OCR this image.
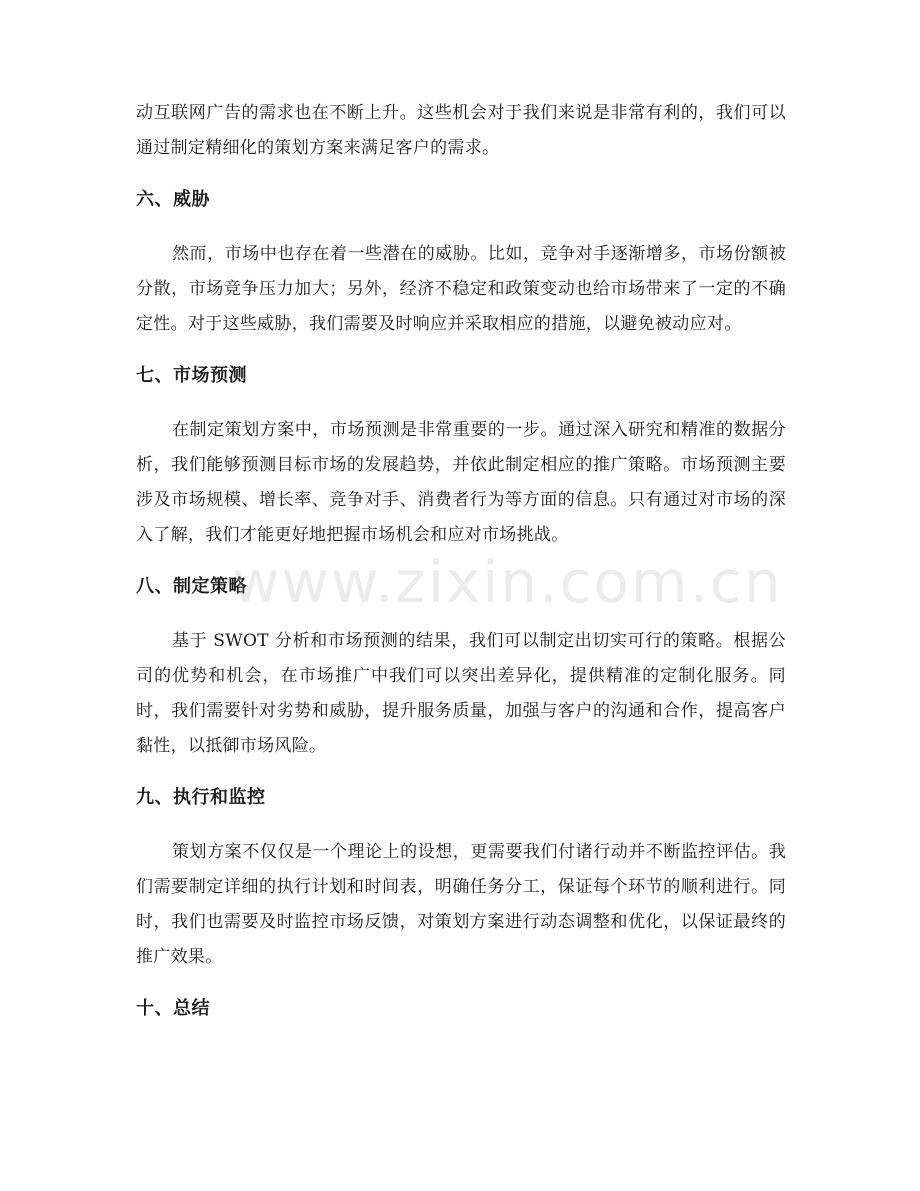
动互联网广告的需求也在不断上升。这些机会对于我们来说是非常有利的，我们可以通过制定精细化的策划方案来满足客户的需求。

六、威胁

然而，市场中也存在着一些潜在的威胁。比如，竞争对手逐渐增多，市场份额被分散，市场竞争压力加大；另外，经济不稳定和政策变动也给市场带来了一定的不确定性。对于这些威胁，我们需要及时响应并采取相应的措施，以避免被动应对。

七、市场预测

在制定策划方案中，市场预测是非常重要的一步。通过深入研究和精准的数据分析，我们能够预测目标市场的发展趋势，并依此制定相应的推广策略。市场预测主要涉及市场规模、增长率、竞争对手、消费者行为等方面的信息。只有通过对市场的深入了解，我们才能更好地把握市场机会和应对市场挑战。

八、制定策略

基于 SWOT 分析和市场预测的结果，我们可以制定出切实可行的策略。根据公司的优势和机会，在市场推广中我们可以突出差异化，提供精准的定制化服务。同时，我们需要针对劣势和威胁，提升服务质量，加强与客户的沟通和合作，提高客户黏性，以抵御市场风险。

九、执行和监控

策划方案不仅仅是一个理论上的设想，更需要我们付诸行动并不断监控评估。我们需要制定详细的执行计划和时间表，明确任务分工，保证每个环节的顺利进行。同时，我们也需要及时监控市场反馈，对策划方案进行动态调整和优化，以保证最终的推广效果。

十、总结
www.zixin.com.cn
